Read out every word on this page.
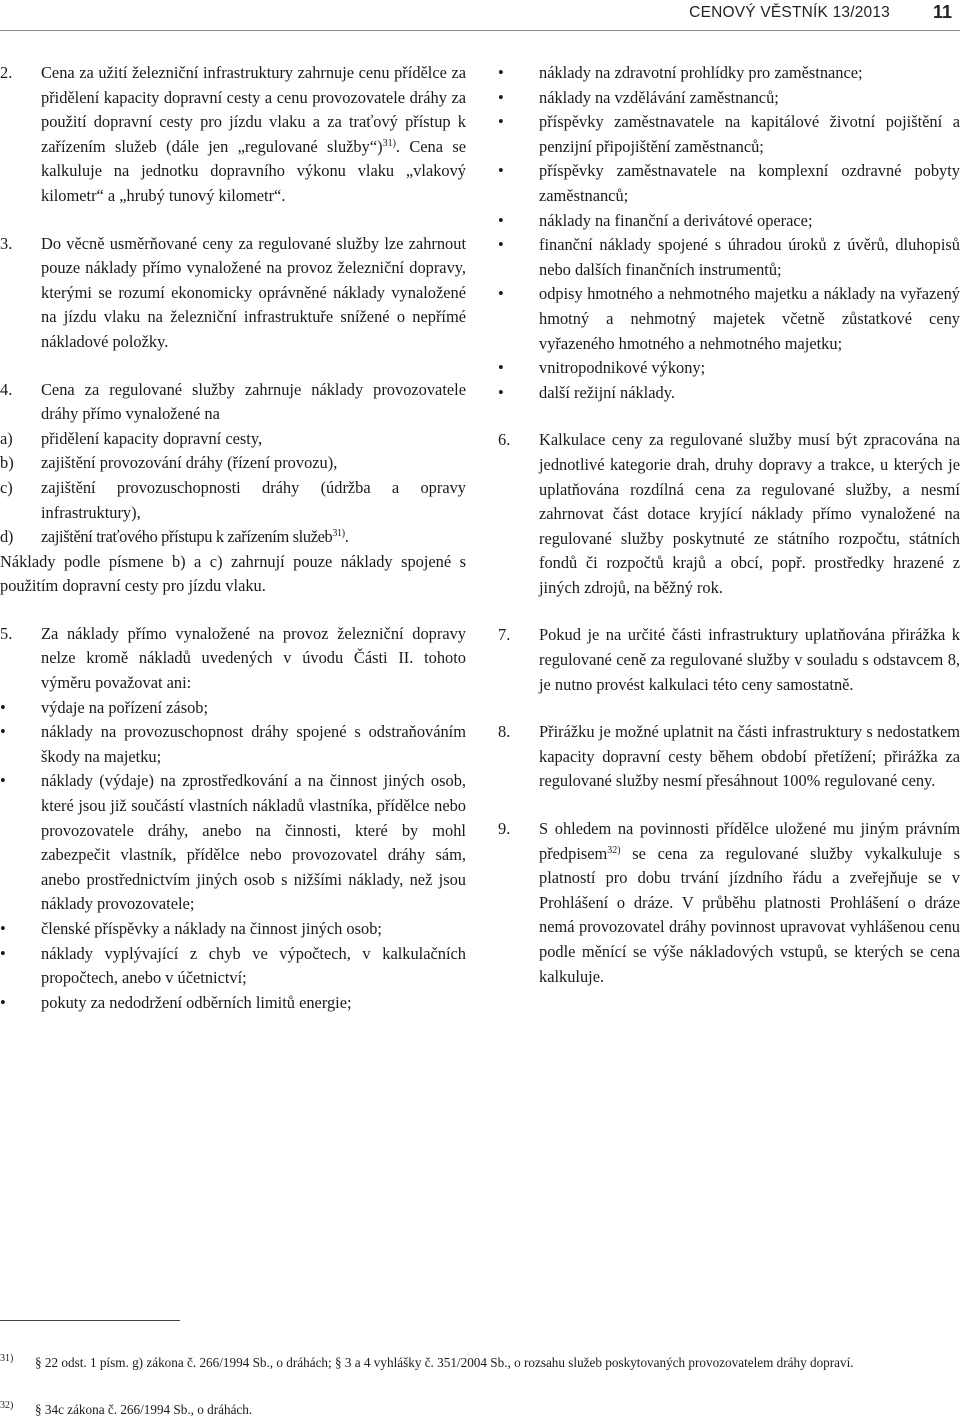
CENOVÝ VĚSTNÍK 13/2013 11
2. Cena za užití železniční infrastruktury zahrnuje cenu přídělce za přidělení kapacity dopravní cesty a cenu provozovatele dráhy za použití dopravní cesty pro jízdu vlaku a za traťový přístup k zařízením služeb (dále jen „regulované služby“)$^{31)}$. Cena se kalkuluje na jednotku dopravního výkonu vlaku „vlakový kilometr“ a „hrubý tunový kilometr“.
3. Do věcně usměrňované ceny za regulované služby lze zahrnout pouze náklady přímo vynaložené na provoz železniční dopravy, kterými se rozumí ekonomicky oprávněné náklady vynaložené na jízdu vlaku na železniční infrastruktuře snížené o nepřímé nákladové položky.
4. Cena za regulované služby zahrnuje náklady provozovatele dráhy přímo vynaložené na
a) přidělení kapacity dopravní cesty,
b) zajištění provozování dráhy (řízení provozu),
c) zajištění provozuschopnosti dráhy (údržba a opravy infrastruktury),
d) zajištění traťového přístupu k zařízením služeb$^{31)}$.
Náklady podle písmene b) a c) zahrnují pouze náklady spojené s použitím dopravní cesty pro jízdu vlaku.
5. Za náklady přímo vynaložené na provoz železniční dopravy nelze kromě nákladů uvedených v úvodu Části II. tohoto výměru považovat ani:
• výdaje na pořízení zásob;
• náklady na provozuschopnost dráhy spojené s odstraňováním škody na majetku;
• náklady (výdaje) na zprostředkování a na činnost jiných osob, které jsou již součástí vlastních nákladů vlastníka, přídělce nebo provozovatele dráhy, anebo na činnosti, které by mohl zabezpečit vlastník, přídělce nebo provozovatel dráhy sám, anebo prostřednictvím jiných osob s nižšími náklady, než jsou náklady provozovatele;
• členské příspěvky a náklady na činnost jiných osob;
• náklady vyplývající z chyb ve výpočtech, v kalkulačních propočtech, anebo v účetnictví;
• pokuty za nedodržení odběrních limitů energie;
• náklady na zdravotní prohlídky pro zaměstnance;
• náklady na vzdělávání zaměstnanců;
• příspěvky zaměstnavatele na kapitálové životní pojištění a penzijní připojištění zaměstnanců;
• příspěvky zaměstnavatele na komplexní ozdravné pobyty zaměstnanců;
• náklady na finanční a derivátové operace;
• finanční náklady spojené s úhradou úroků z úvěrů, dluhopisů nebo dalších finančních instrumentů;
• odpisy hmotného a nehmotného majetku a náklady na vyřazený hmotný a nehmotný majetek včetně zůstatkové ceny vyřazeného hmotného a nehmotného majetku;
• vnitropodnikové výkony;
• další režijní náklady.
6. Kalkulace ceny za regulované služby musí být zpracována na jednotlivé kategorie drah, druhy dopravy a trakce, u kterých je uplatňována rozdílná cena za regulované služby, a nesmí zahrnovat část dotace kryjící náklady přímo vynaložené na regulované služby poskytnuté ze státního rozpočtu, státních fondů či rozpočtů krajů a obcí, popř. prostředky hrazené z jiných zdrojů, na běžný rok.
7. Pokud je na určité části infrastruktury uplatňována přirážka k regulované ceně za regulované služby v souladu s odstavcem 8, je nutno provést kalkulaci této ceny samostatně.
8. Přirážku je možné uplatnit na části infrastruktury s nedostatkem kapacity dopravní cesty během období přetížení; přirážka za regulované služby nesmí přesáhnout 100% regulované ceny.
9. S ohledem na povinnosti přídělce uložené mu jiným právním předpisem$^{32)}$ se cena za regulované služby vykalkuluje s platností pro dobu trvání jízdního řádu a zveřejňuje se v Prohlášení o dráze. V průběhu platnosti Prohlášení o dráze nemá provozovatel dráhy povinnost upravovat vyhlášenou cenu podle měnící se výše nákladových vstupů, se kterých se cena kalkuluje.
31)	§ 22 odst. 1 písm. g) zákona č. 266/1994 Sb., o dráhách; § 3 a 4 vyhlášky č. 351/2004 Sb., o rozsahu služeb poskytovaných provozovatelem dráhy dopraví.
32)	§ 34c zákona č. 266/1994 Sb., o dráhách.
